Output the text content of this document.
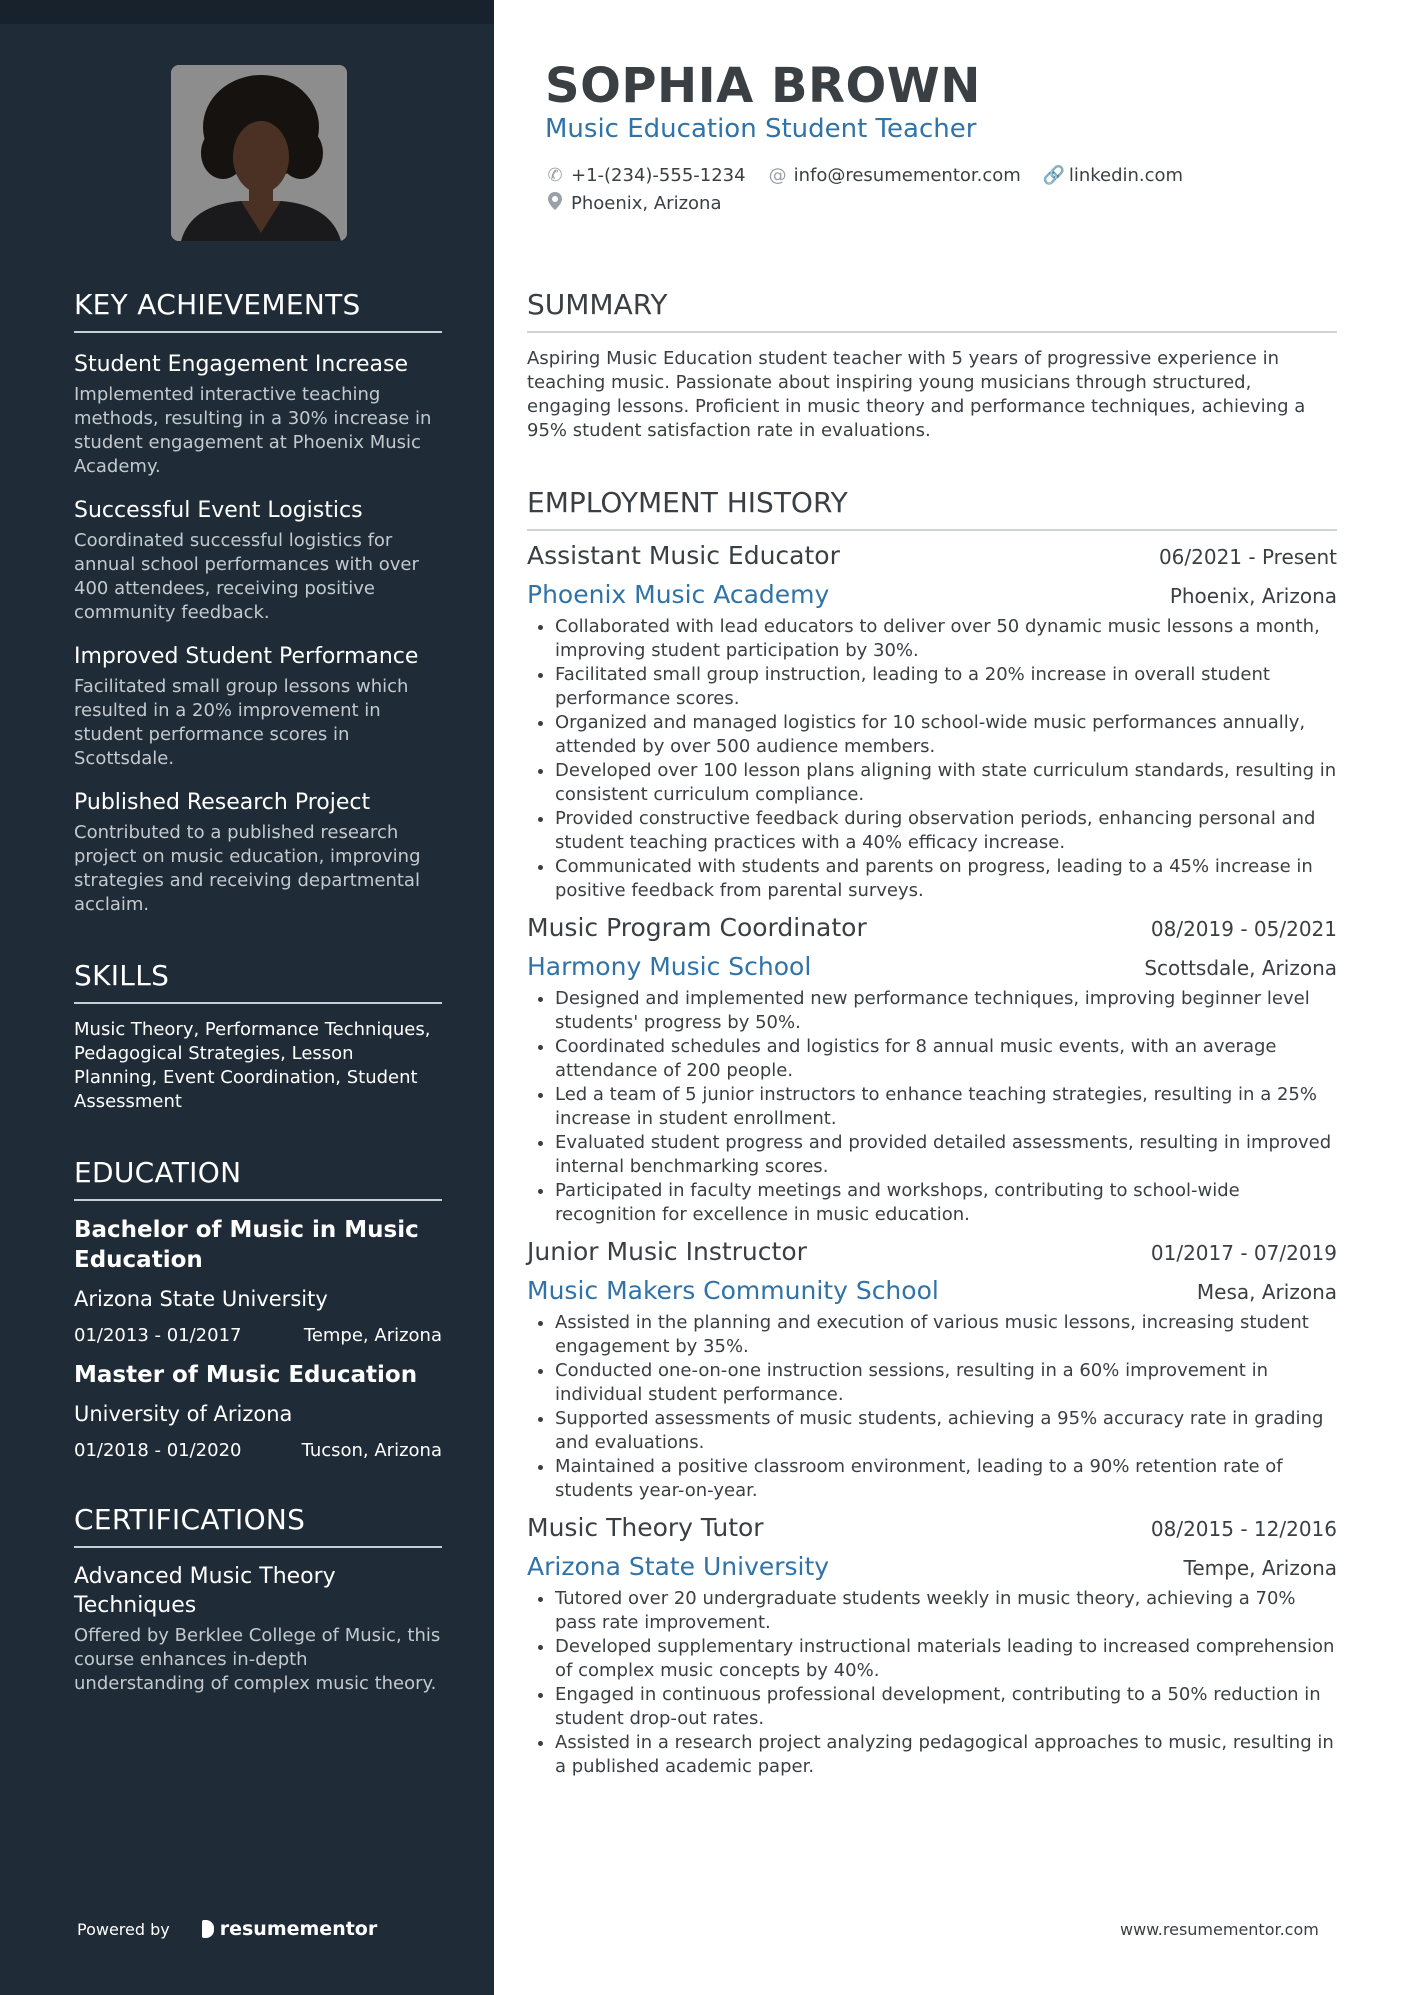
KEY ACHIEVEMENTS
Student Engagement Increase
Implemented interactive teaching methods, resulting in a 30% increase in student engagement at Phoenix Music Academy.
Successful Event Logistics
Coordinated successful logistics for annual school performances with over 400 attendees, receiving positive community feedback.
Improved Student Performance
Facilitated small group lessons which resulted in a 20% improvement in student performance scores in Scottsdale.
Published Research Project
Contributed to a published research project on music education, improving strategies and receiving departmental acclaim.
SKILLS
Music Theory, Performance Techniques, Pedagogical Strategies, Lesson Planning, Event Coordination, Student Assessment
EDUCATION
Bachelor of Music in Music Education
Arizona State University
01/2013 - 01/2017	Tempe, Arizona
Master of Music Education
University of Arizona
01/2018 - 01/2020	Tucson, Arizona
CERTIFICATIONS
Advanced Music Theory Techniques
Offered by Berklee College of Music, this course enhances in-depth understanding of complex music theory.
Powered by	resumementor
SOPHIA BROWN
Music Education Student Teacher
✆ +1-(234)-555-1234 @ info@resumementor.com 🔗 linkedin.com
Phoenix, Arizona
SUMMARY
Aspiring Music Education student teacher with 5 years of progressive experience in teaching music. Passionate about inspiring young musicians through structured, engaging lessons. Proficient in music theory and performance techniques, achieving a 95% student satisfaction rate in evaluations.
EMPLOYMENT HISTORY
Assistant Music Educator	06/2021 - Present
Phoenix Music Academy	Phoenix, Arizona
• Collaborated with lead educators to deliver over 50 dynamic music lessons a month, improving student participation by 30%.
• Facilitated small group instruction, leading to a 20% increase in overall student performance scores.
• Organized and managed logistics for 10 school-wide music performances annually, attended by over 500 audience members.
• Developed over 100 lesson plans aligning with state curriculum standards, resulting in consistent curriculum compliance.
• Provided constructive feedback during observation periods, enhancing personal and student teaching practices with a 40% efficacy increase.
• Communicated with students and parents on progress, leading to a 45% increase in positive feedback from parental surveys.
Music Program Coordinator	08/2019 - 05/2021
Harmony Music School	Scottsdale, Arizona
• Designed and implemented new performance techniques, improving beginner level students' progress by 50%.
• Coordinated schedules and logistics for 8 annual music events, with an average attendance of 200 people.
• Led a team of 5 junior instructors to enhance teaching strategies, resulting in a 25% increase in student enrollment.
• Evaluated student progress and provided detailed assessments, resulting in improved internal benchmarking scores.
• Participated in faculty meetings and workshops, contributing to school-wide recognition for excellence in music education.
Junior Music Instructor	01/2017 - 07/2019
Music Makers Community School	Mesa, Arizona
• Assisted in the planning and execution of various music lessons, increasing student engagement by 35%.
• Conducted one-on-one instruction sessions, resulting in a 60% improvement in individual student performance.
• Supported assessments of music students, achieving a 95% accuracy rate in grading and evaluations.
• Maintained a positive classroom environment, leading to a 90% retention rate of students year-on-year.
Music Theory Tutor	08/2015 - 12/2016
Arizona State University	Tempe, Arizona
• Tutored over 20 undergraduate students weekly in music theory, achieving a 70% pass rate improvement.
• Developed supplementary instructional materials leading to increased comprehension of complex music concepts by 40%.
• Engaged in continuous professional development, contributing to a 50% reduction in student drop-out rates.
• Assisted in a research project analyzing pedagogical approaches to music, resulting in a published academic paper.
www.resumementor.com
